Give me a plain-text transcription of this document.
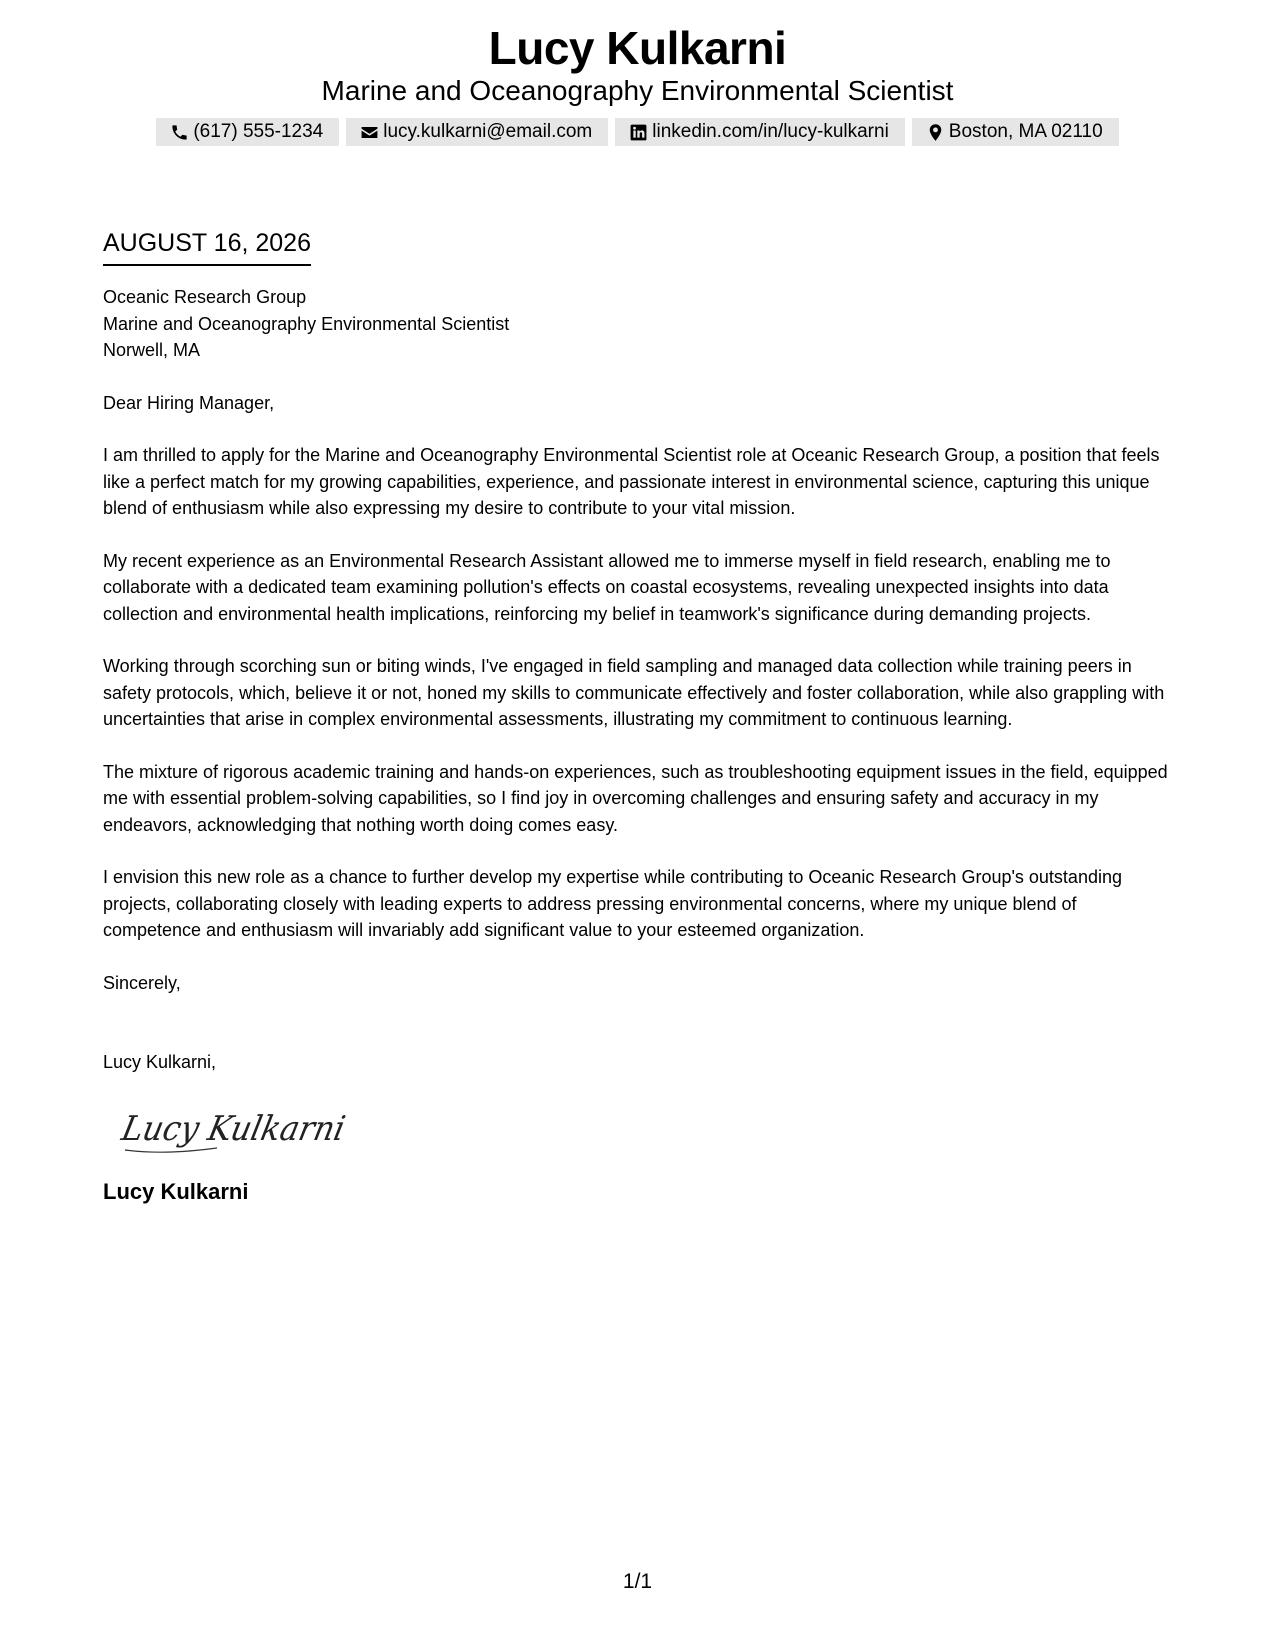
Lucy Kulkarni
Marine and Oceanography Environmental Scientist
(617) 555-1234	lucy.kulkarni@email.com	linkedin.com/in/lucy-kulkarni	Boston, MA 02110
AUGUST 16, 2026
Oceanic Research Group
Marine and Oceanography Environmental Scientist
Norwell, MA
Dear Hiring Manager,
I am thrilled to apply for the Marine and Oceanography Environmental Scientist role at Oceanic Research Group, a position that feels like a perfect match for my growing capabilities, experience, and passionate interest in environmental science, capturing this unique blend of enthusiasm while also expressing my desire to contribute to your vital mission.
My recent experience as an Environmental Research Assistant allowed me to immerse myself in field research, enabling me to collaborate with a dedicated team examining pollution's effects on coastal ecosystems, revealing unexpected insights into data collection and environmental health implications, reinforcing my belief in teamwork's significance during demanding projects.
Working through scorching sun or biting winds, I've engaged in field sampling and managed data collection while training peers in safety protocols, which, believe it or not, honed my skills to communicate effectively and foster collaboration, while also grappling with uncertainties that arise in complex environmental assessments, illustrating my commitment to continuous learning.
The mixture of rigorous academic training and hands-on experiences, such as troubleshooting equipment issues in the field, equipped me with essential problem-solving capabilities, so I find joy in overcoming challenges and ensuring safety and accuracy in my endeavors, acknowledging that nothing worth doing comes easy.
I envision this new role as a chance to further develop my expertise while contributing to Oceanic Research Group's outstanding projects, collaborating closely with leading experts to address pressing environmental concerns, where my unique blend of competence and enthusiasm will invariably add significant value to your esteemed organization.
Sincerely,
Lucy Kulkarni,
Lucy Kulkarni
Lucy Kulkarni
1/1
